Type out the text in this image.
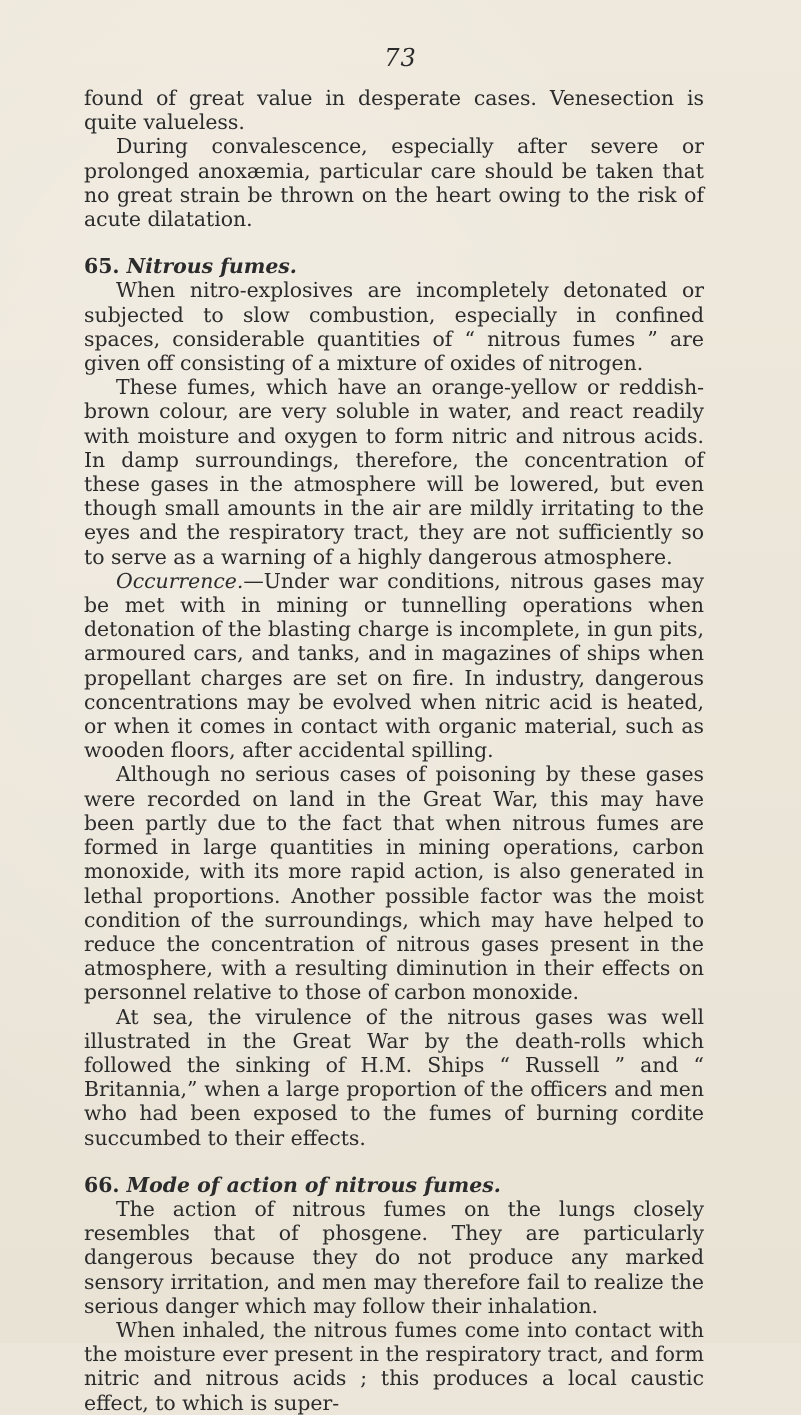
73

found of great value in desperate cases. Venesection is quite valueless.

During convalescence, especially after severe or prolonged anoxæmia, particular care should be taken that no great strain be thrown on the heart owing to the risk of acute dilatation.

65. Nitrous fumes.

When nitro-explosives are incompletely detonated or subjected to slow combustion, especially in confined spaces, considerable quantities of “ nitrous fumes ” are given off consisting of a mixture of oxides of nitrogen.

These fumes, which have an orange-yellow or reddish-brown colour, are very soluble in water, and react readily with moisture and oxygen to form nitric and nitrous acids. In damp surroundings, therefore, the concentration of these gases in the atmosphere will be lowered, but even though small amounts in the air are mildly irritating to the eyes and the respiratory tract, they are not sufficiently so to serve as a warning of a highly dangerous atmosphere.

Occurrence.—Under war conditions, nitrous gases may be met with in mining or tunnelling operations when detonation of the blasting charge is incomplete, in gun pits, armoured cars, and tanks, and in magazines of ships when propellant charges are set on fire. In industry, dangerous concentrations may be evolved when nitric acid is heated, or when it comes in contact with organic material, such as wooden floors, after accidental spilling.

Although no serious cases of poisoning by these gases were recorded on land in the Great War, this may have been partly due to the fact that when nitrous fumes are formed in large quantities in mining operations, carbon monoxide, with its more rapid action, is also generated in lethal proportions. Another possible factor was the moist condition of the surroundings, which may have helped to reduce the concentration of nitrous gases present in the atmosphere, with a resulting diminution in their effects on personnel relative to those of carbon monoxide.

At sea, the virulence of the nitrous gases was well illustrated in the Great War by the death-rolls which followed the sinking of H.M. Ships “ Russell ” and “ Britannia,” when a large proportion of the officers and men who had been exposed to the fumes of burning cordite succumbed to their effects.

66. Mode of action of nitrous fumes.

The action of nitrous fumes on the lungs closely resembles that of phosgene. They are particularly dangerous because they do not produce any marked sensory irritation, and men may therefore fail to realize the serious danger which may follow their inhalation.

When inhaled, the nitrous fumes come into contact with the moisture ever present in the respiratory tract, and form nitric and nitrous acids ; this produces a local caustic effect, to which is super-
